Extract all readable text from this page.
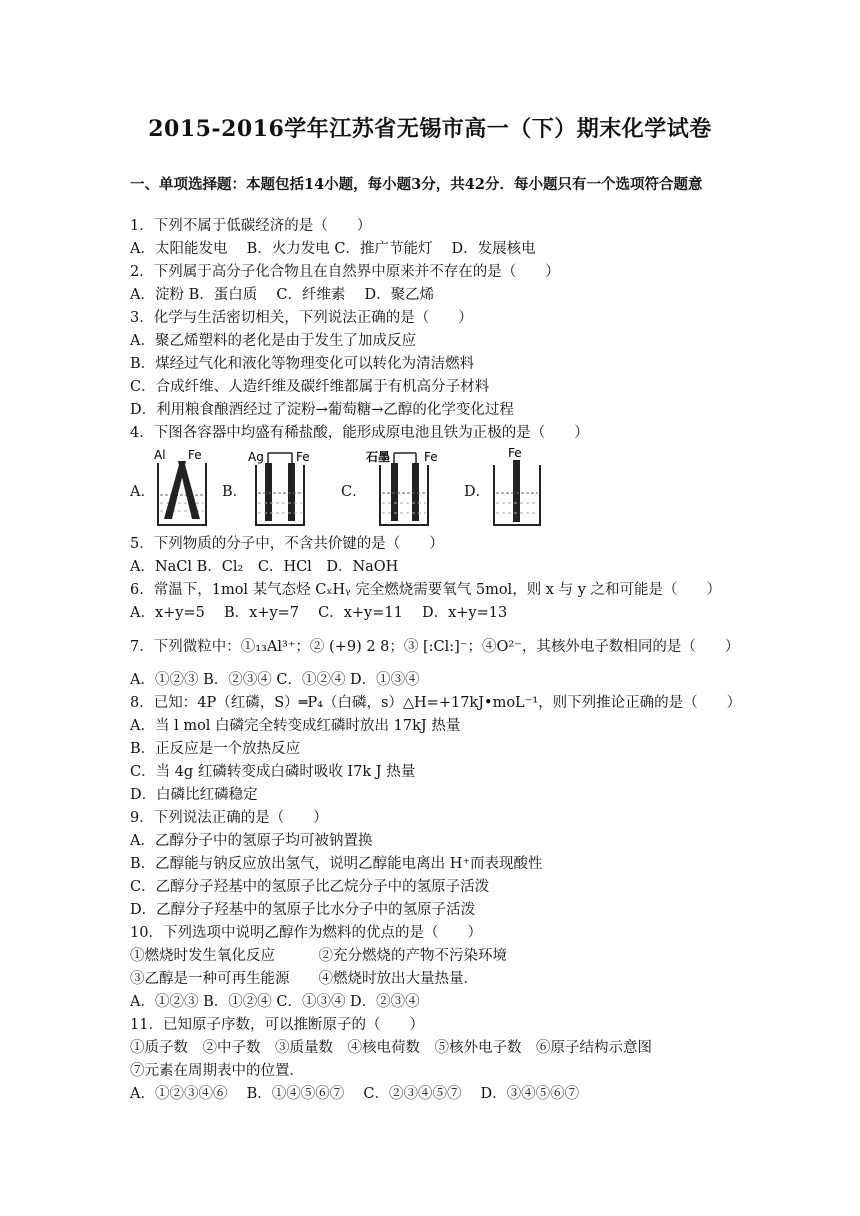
2015-2016学年江苏省无锡市高一（下）期末化学试卷
一、单项选择题：本题包括14小题，每小题3分，共42分．每小题只有一个选项符合题意
1．下列不属于低碳经济的是（　　）
A．太阳能发电　 B．火力发电 C．推广节能灯　 D．发展核电
2．下列属于高分子化合物且在自然界中原来并不存在的是（　　）
A．淀粉 B．蛋白质　 C．纤维素　 D．聚乙烯
3．化学与生活密切相关，下列说法正确的是（　　）
A．聚乙烯塑料的老化是由于发生了加成反应
B．煤经过气化和液化等物理变化可以转化为清洁燃料
C．合成纤维、人造纤维及碳纤维都属于有机高分子材料
D．利用粮食酿酒经过了淀粉→葡萄糖→乙醇的化学变化过程
4．下图各容器中均盛有稀盐酸，能形成原电池且铁为正极的是（　　）
A．
Al Fe
B．
Ag	Fe
C．
石墨	Fe
D．
Fe
5．下列物质的分子中，不含共价键的是（　　）
A．NaCl B．Cl₂　C．HCl　D．NaOH
6．常温下，1mol 某气态烃 CₓHᵧ 完全燃烧需要氧气 5mol，则 x 与 y 之和可能是（　　）
A．x+y=5　 B．x+y=7　 C．x+y=11　 D．x+y=13
7．下列微粒中：①₁₃Al³⁺；② (+9) 2 8；③ [:Cl:]⁻；④O²⁻，其核外电子数相同的是（　　）
A．①②③ B．②③④ C．①②④ D．①③④
8．已知：4P（红磷，S）═P₄（白磷，s）△H=+17kJ•moL⁻¹，则下列推论正确的是（　　）
A．当 l mol 白磷完全转变成红磷时放出 17kJ 热量
B．正反应是一个放热反应
C．当 4g 红磷转变成白磷时吸收 I7k J 热量
D．白磷比红磷稳定
9．下列说法正确的是（　　）
A．乙醇分子中的氢原子均可被钠置换
B．乙醇能与钠反应放出氢气，说明乙醇能电离出 H⁺而表现酸性
C．乙醇分子羟基中的氢原子比乙烷分子中的氢原子活泼
D．乙醇分子羟基中的氢原子比水分子中的氢原子活泼
10．下列选项中说明乙醇作为燃料的优点的是（　　）
①燃烧时发生氧化反应　　　②充分燃烧的产物不污染环境
③乙醇是一种可再生能源　　④燃烧时放出大量热量．
A．①②③ B．①②④ C．①③④ D．②③④
11．已知原子序数，可以推断原子的（　　）
①质子数　②中子数　③质量数　④核电荷数　⑤核外电子数　⑥原子结构示意图
⑦元素在周期表中的位置．
A．①②③④⑥　 B．①④⑤⑥⑦　 C．②③④⑤⑦　 D．③④⑤⑥⑦
